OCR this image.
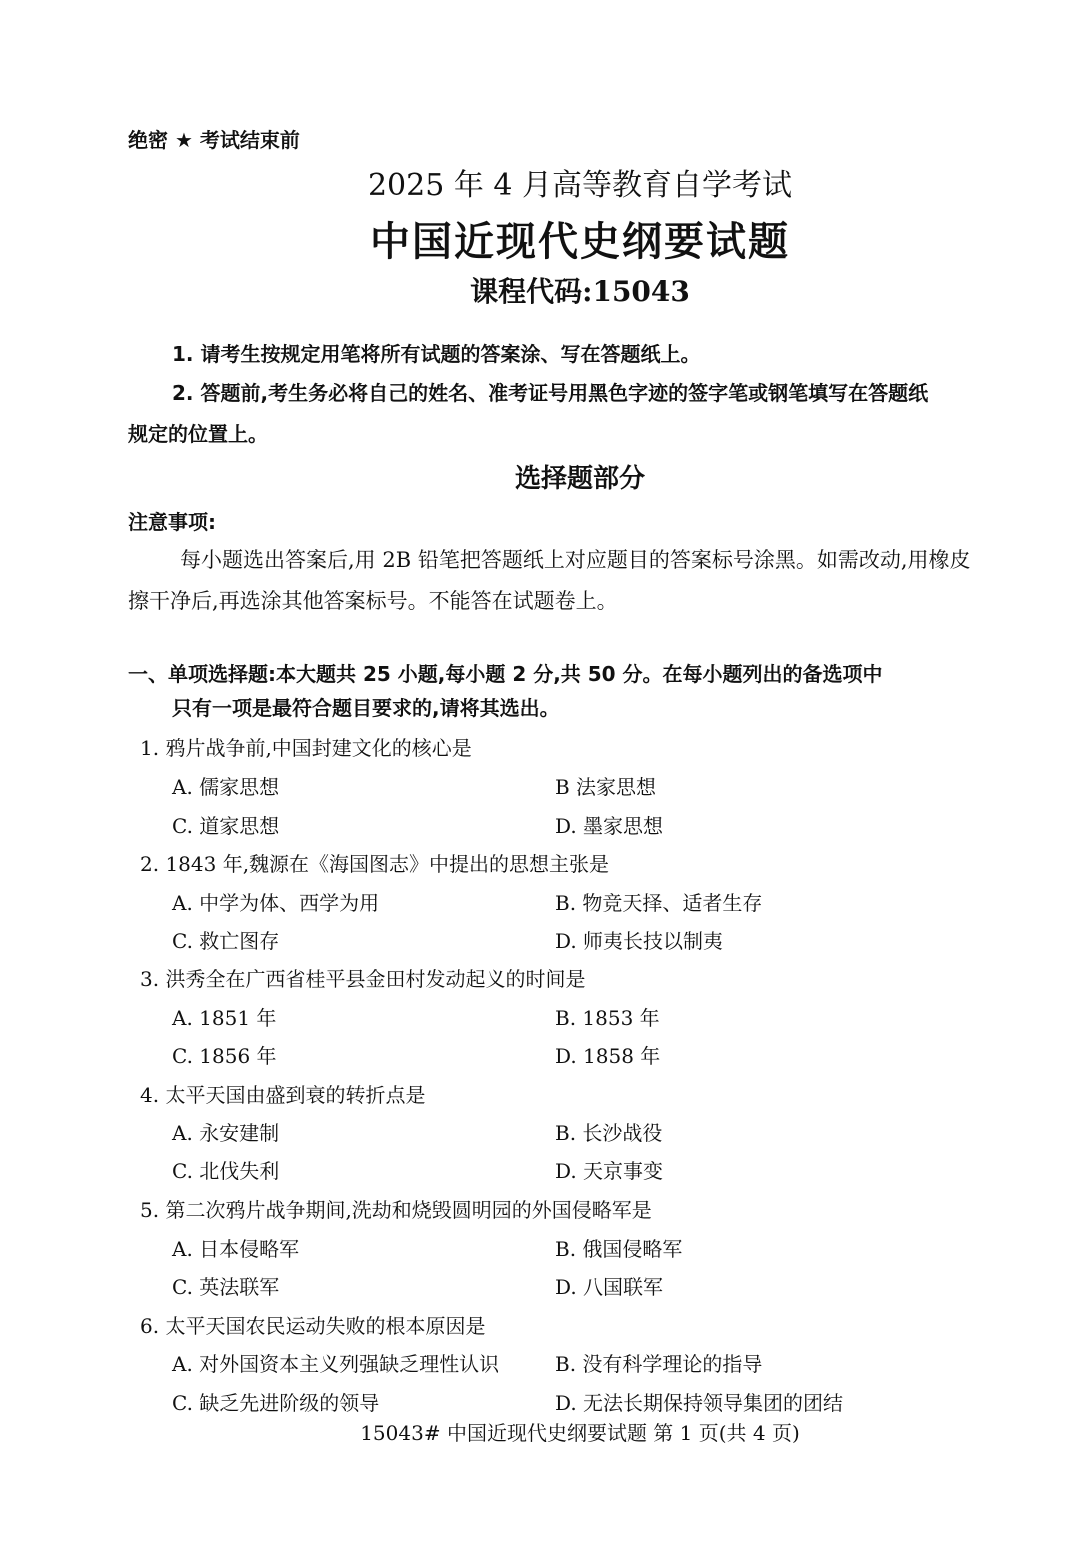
绝密 ★ 考试结束前
2025 年 4 月高等教育自学考试
中国近现代史纲要试题
课程代码:15043
1. 请考生按规定用笔将所有试题的答案涂、写在答题纸上。
2. 答题前,考生务必将自己的姓名、准考证号用黑色字迹的签字笔或钢笔填写在答题纸
规定的位置上。
选择题部分
注意事项:
每小题选出答案后,用 2B 铅笔把答题纸上对应题目的答案标号涂黑。如需改动,用橡皮
擦干净后,再选涂其他答案标号。不能答在试题卷上。
一、单项选择题:本大题共 25 小题,每小题 2 分,共 50 分。在每小题列出的备选项中
只有一项是最符合题目要求的,请将其选出。
1. 鸦片战争前,中国封建文化的核心是
A. 儒家思想	B 法家思想
C. 道家思想	D. 墨家思想
2. 1843 年,魏源在《海国图志》中提出的思想主张是
A. 中学为体、西学为用	B. 物竞天择、适者生存
C. 救亡图存	D. 师夷长技以制夷
3. 洪秀全在广西省桂平县金田村发动起义的时间是
A. 1851 年	B. 1853 年
C. 1856 年	D. 1858 年
4. 太平天国由盛到衰的转折点是
A. 永安建制	B. 长沙战役
C. 北伐失利	D. 天京事变
5. 第二次鸦片战争期间,洗劫和烧毁圆明园的外国侵略军是
A. 日本侵略军	B. 俄国侵略军
C. 英法联军	D. 八国联军
6. 太平天国农民运动失败的根本原因是
A. 对外国资本主义列强缺乏理性认识	B. 没有科学理论的指导
C. 缺乏先进阶级的领导	D. 无法长期保持领导集团的团结
15043# 中国近现代史纲要试题 第 1 页(共 4 页)
